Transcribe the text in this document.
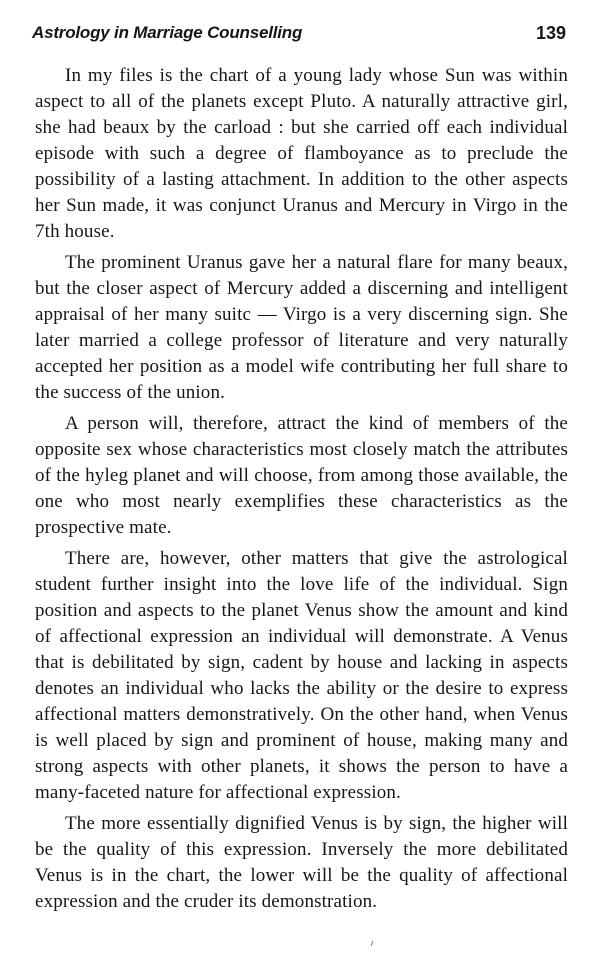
Astrology in Marriage Counselling	139

In my files is the chart of a young lady whose Sun was within aspect to all of the planets except Pluto. A naturally attractive girl, she had beaux by the carload : but she carried off each individual episode with such a degree of flamboyance as to preclude the possibility of a lasting attachment. In addition to the other aspects her Sun made, it was conjunct Uranus and Mercury in Virgo in the 7th house.

The prominent Uranus gave her a natural flare for many beaux, but the closer aspect of Mercury added a discerning and intelligent appraisal of her many suitc — Virgo is a very discerning sign. She later married a college professor of literature and very naturally accepted her position as a model wife contributing her full share to the success of the union.

A person will, therefore, attract the kind of members of the opposite sex whose characteristics most closely match the attributes of the hyleg planet and will choose, from among those available, the one who most nearly exemplifies these characteristics as the prospective mate.

There are, however, other matters that give the astrological student further insight into the love life of the individual. Sign position and aspects to the planet Venus show the amount and kind of affectional expression an individual will demonstrate. A Venus that is debilitated by sign, cadent by house and lacking in aspects denotes an individual who lacks the ability or the desire to express affectional matters demonstratively. On the other hand, when Venus is well placed by sign and prominent of house, making many and strong aspects with other planets, it shows the person to have a many-faceted nature for affectional expression.

The more essentially dignified Venus is by sign, the higher will be the quality of this expression. Inversely the more debilitated Venus is in the chart, the lower will be the quality of affectional expression and the cruder its demonstration.
